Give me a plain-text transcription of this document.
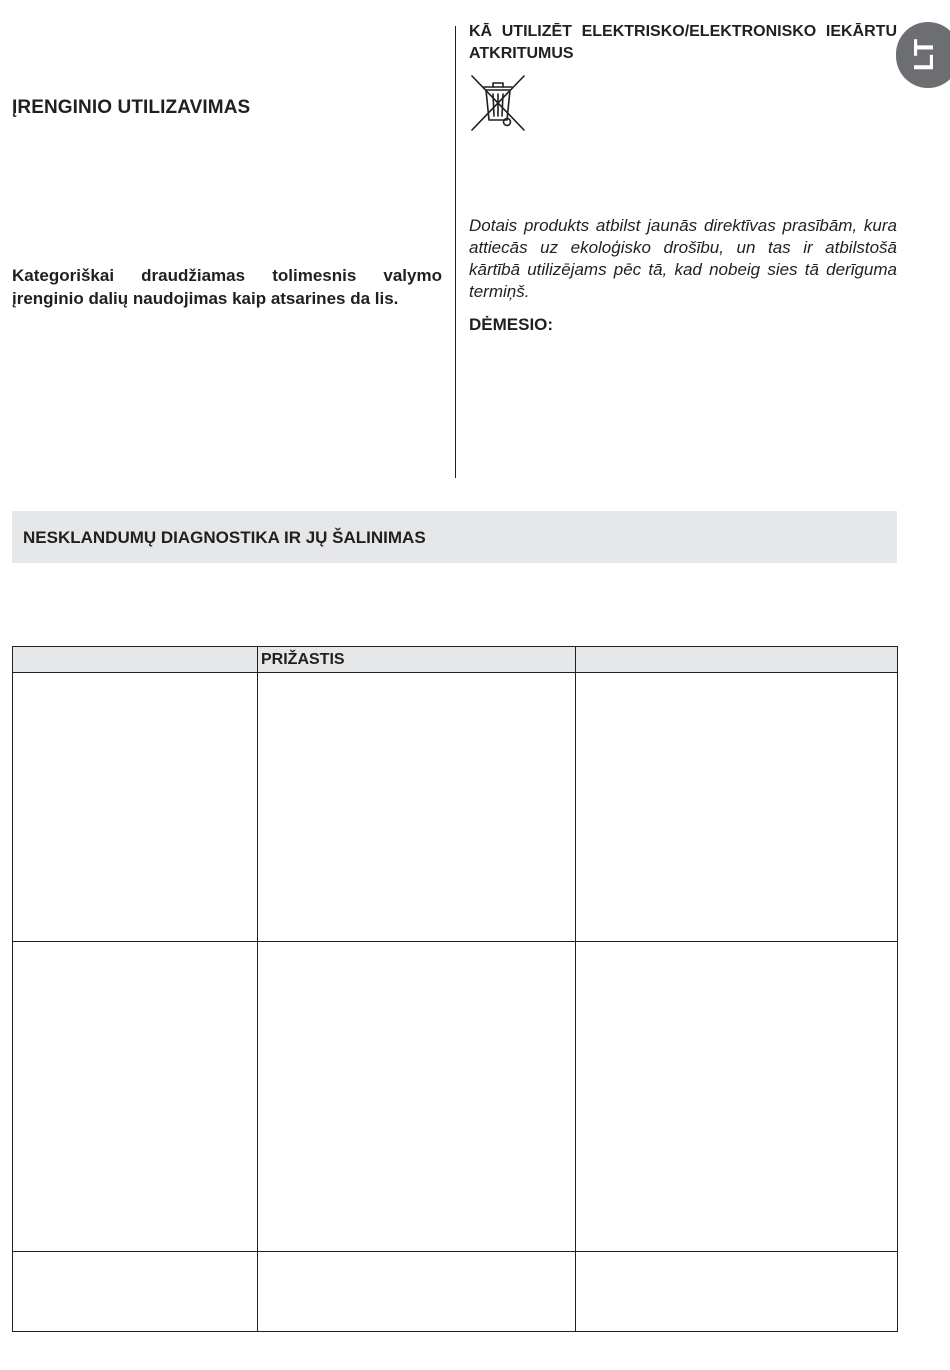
ĮRENGINIO UTILIZAVIMAS
Kategoriškai draudžiamas tolimesnis valymo įrenginio dalių naudojimas kaip atsarines da lis.
KĀ UTILIZĒT ELEKTRISKO/ELEKTRONISKO IEKĀRTU ATKRITUMUS
Dotais produkts atbilst jaunās direktīvas prasībām, kura attiecās uz ekoloģisko drošību, un tas ir atbilstošā kārtībā utilizējams pēc tā, kad nobeig sies tā derīguma termiņš.
DĖMESIO:
LT
NESKLANDUMŲ DIAGNOSTIKA IR JŲ ŠALINIMAS
	PRIŽASTIS	
